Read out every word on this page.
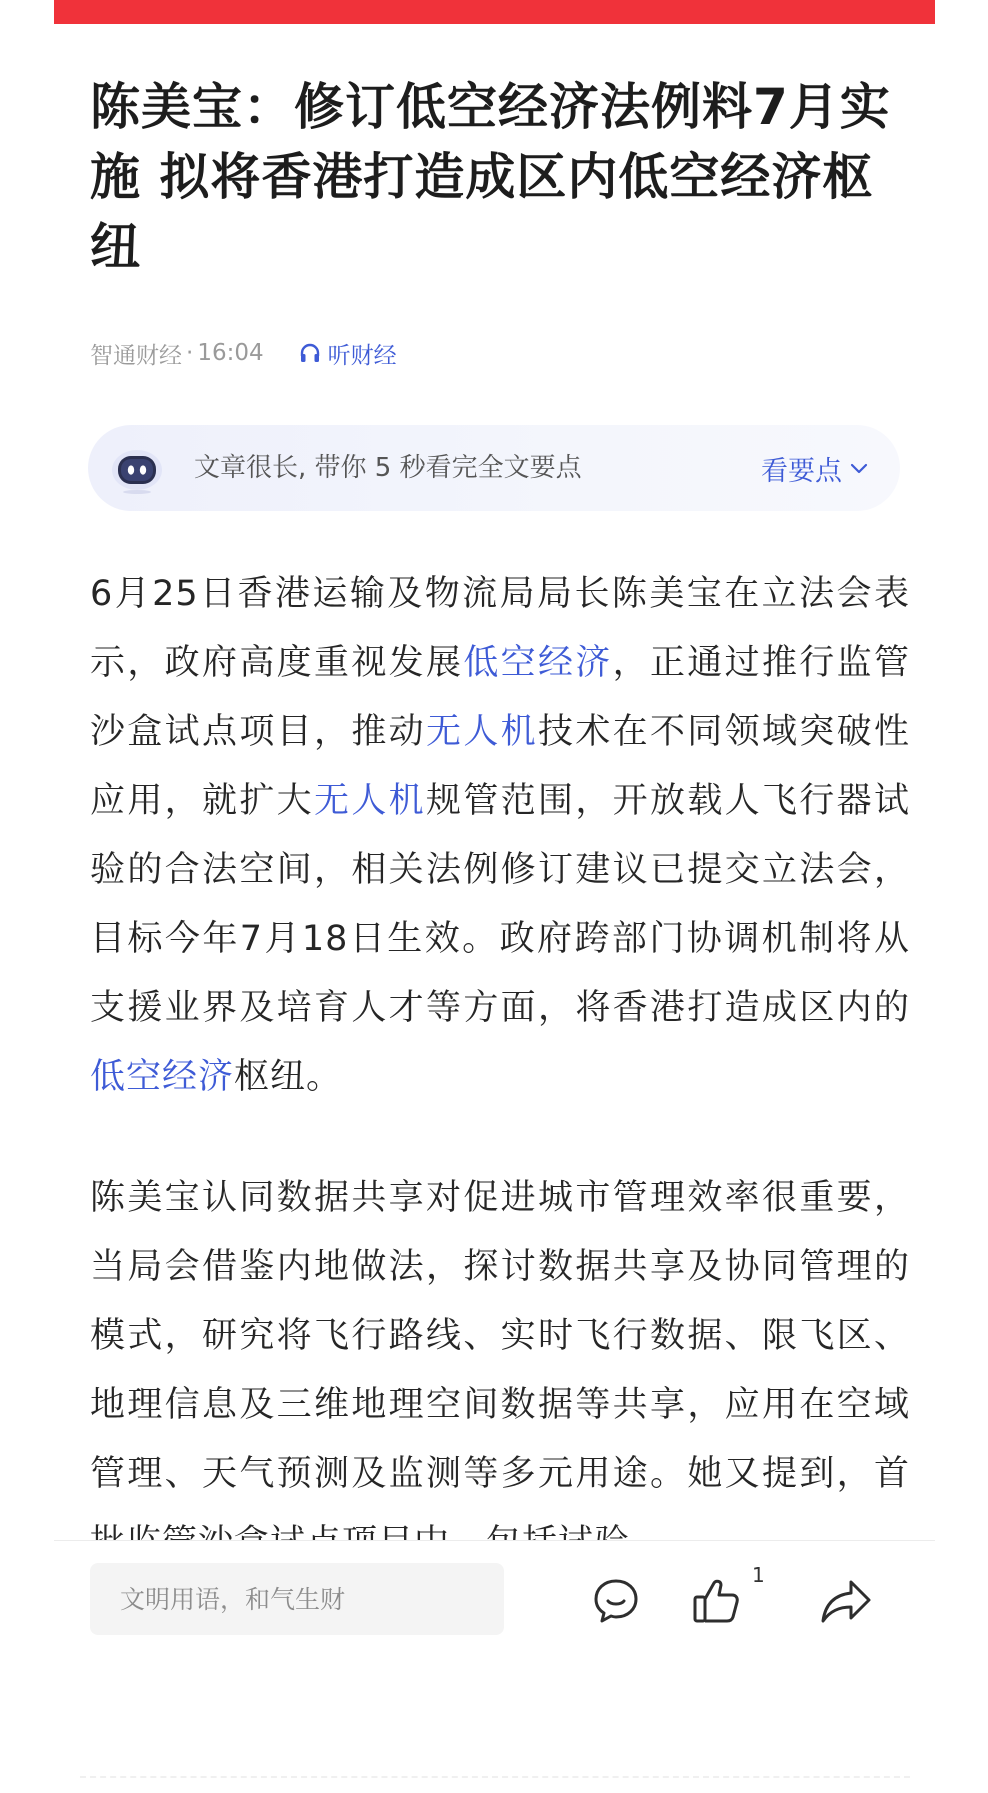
陈美宝：修订低空经济法例料7月实施 拟将香港打造成区内低空经济枢纽
智通财经 · 16:04	听财经
文章很长, 带你 5 秒看完全文要点	看要点

6月25日香港运输及物流局局长陈美宝在立法会表示，政府高度重视发展低空经济，正通过推行监管沙盒试点项目，推动无人机技术在不同领域突破性应用，就扩大无人机规管范围，开放载人飞行器试验的合法空间，相关法例修订建议已提交立法会，目标今年7月18日生效。政府跨部门协调机制将从支援业界及培育人才等方面，将香港打造成区内的低空经济枢纽。

陈美宝认同数据共享对促进城市管理效率很重要，当局会借鉴内地做法，探讨数据共享及协同管理的模式，研究将飞行路线、实时飞行数据、限飞区、地理信息及三维地理空间数据等共享，应用在空域管理、天气预测及监测等多元用途。她又提到，首

文明用语，和气生财
1
